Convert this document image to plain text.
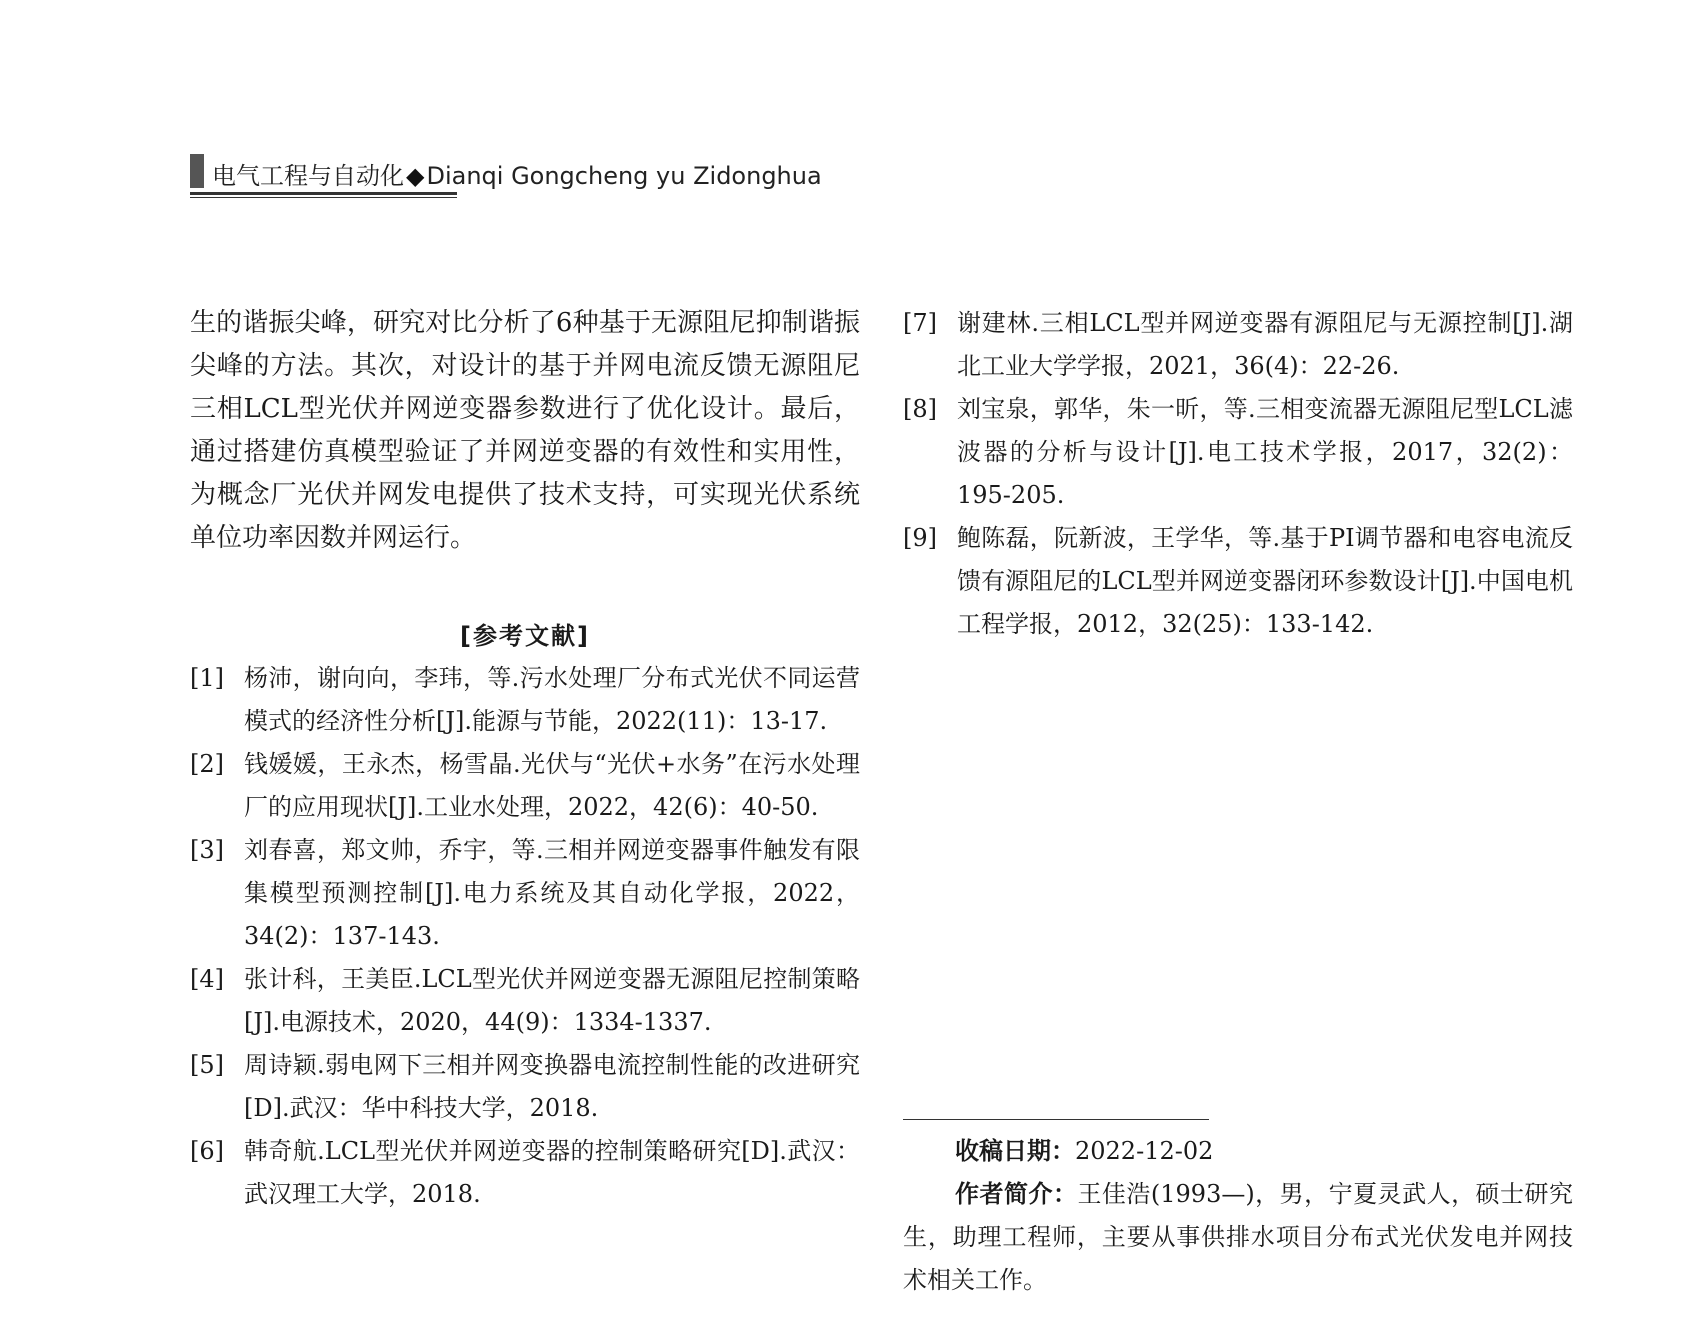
电气工程与自动化◆Dianqi Gongcheng yu Zidonghua

生的谐振尖峰，研究对比分析了6种基于无源阻尼抑制谐振尖峰的方法。其次，对设计的基于并网电流反馈无源阻尼三相LCL型光伏并网逆变器参数进行了优化设计。最后，通过搭建仿真模型验证了并网逆变器的有效性和实用性，为概念厂光伏并网发电提供了技术支持，可实现光伏系统单位功率因数并网运行。

[参考文献]
[1] 杨沛，谢向向，李玮，等.污水处理厂分布式光伏不同运营模式的经济性分析[J].能源与节能，2022(11)：13-17.
[2] 钱媛媛，王永杰，杨雪晶.光伏与“光伏+水务”在污水处理厂的应用现状[J].工业水处理，2022，42(6)：40-50.
[3] 刘春喜，郑文帅，乔宇，等.三相并网逆变器事件触发有限集模型预测控制[J].电力系统及其自动化学报，2022，34(2)：137-143.
[4] 张计科，王美臣.LCL型光伏并网逆变器无源阻尼控制策略[J].电源技术，2020，44(9)：1334-1337.
[5] 周诗颖.弱电网下三相并网变换器电流控制性能的改进研究[D].武汉：华中科技大学，2018.
[6] 韩奇航.LCL型光伏并网逆变器的控制策略研究[D].武汉：武汉理工大学，2018.
[7] 谢建林.三相LCL型并网逆变器有源阻尼与无源控制[J].湖北工业大学学报，2021，36(4)：22-26.
[8] 刘宝泉，郭华，朱一昕，等.三相变流器无源阻尼型LCL滤波器的分析与设计[J].电工技术学报，2017，32(2)：195-205.
[9] 鲍陈磊，阮新波，王学华，等.基于PI调节器和电容电流反馈有源阻尼的LCL型并网逆变器闭环参数设计[J].中国电机工程学报，2012，32(25)：133-142.

收稿日期：2022-12-02

作者简介：王佳浩(1993—)，男，宁夏灵武人，硕士研究生，助理工程师，主要从事供排水项目分布式光伏发电并网技术相关工作。
